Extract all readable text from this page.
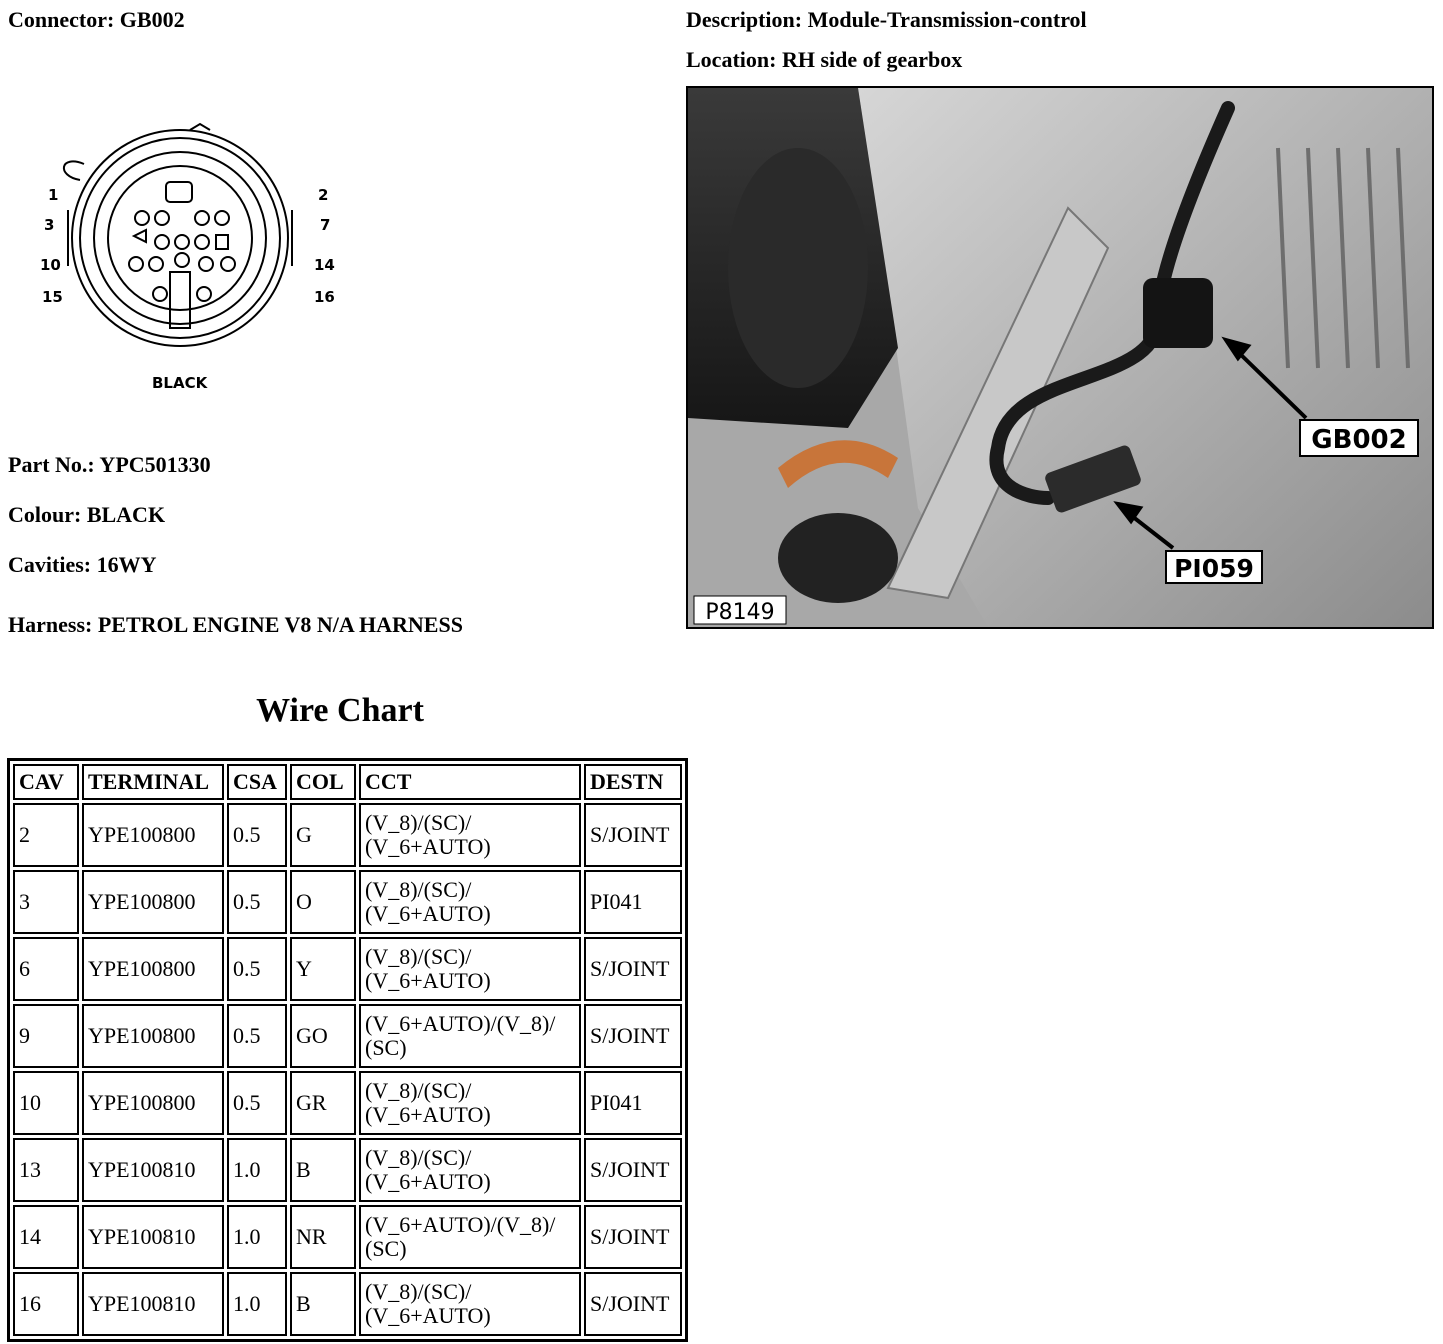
Connector: GB002	Description: Module-Transmission-control
Location: RH side of gearbox
1	2
3	7
10	14
15	16
BLACK
Part No.: YPC501330
Colour: BLACK
Cavities: 16WY
Harness: PETROL ENGINE V8 N/A HARNESS
GB002
PI059
P8149
Wire Chart
CAV	TERMINAL	CSA	COL	CCT	DESTN
2	YPE100800	0.5	G	(V_8)/(SC)/
(V_6+AUTO)	S/JOINT
3	YPE100800	0.5	O	(V_8)/(SC)/
(V_6+AUTO)	PI041
6	YPE100800	0.5	Y	(V_8)/(SC)/
(V_6+AUTO)	S/JOINT
9	YPE100800	0.5	GO	(V_6+AUTO)/(V_8)/
(SC)	S/JOINT
10	YPE100800	0.5	GR	(V_8)/(SC)/
(V_6+AUTO)	PI041
13	YPE100810	1.0	B	(V_8)/(SC)/
(V_6+AUTO)	S/JOINT
14	YPE100810	1.0	NR	(V_6+AUTO)/(V_8)/
(SC)	S/JOINT
16	YPE100810	1.0	B	(V_8)/(SC)/
(V_6+AUTO)	S/JOINT
